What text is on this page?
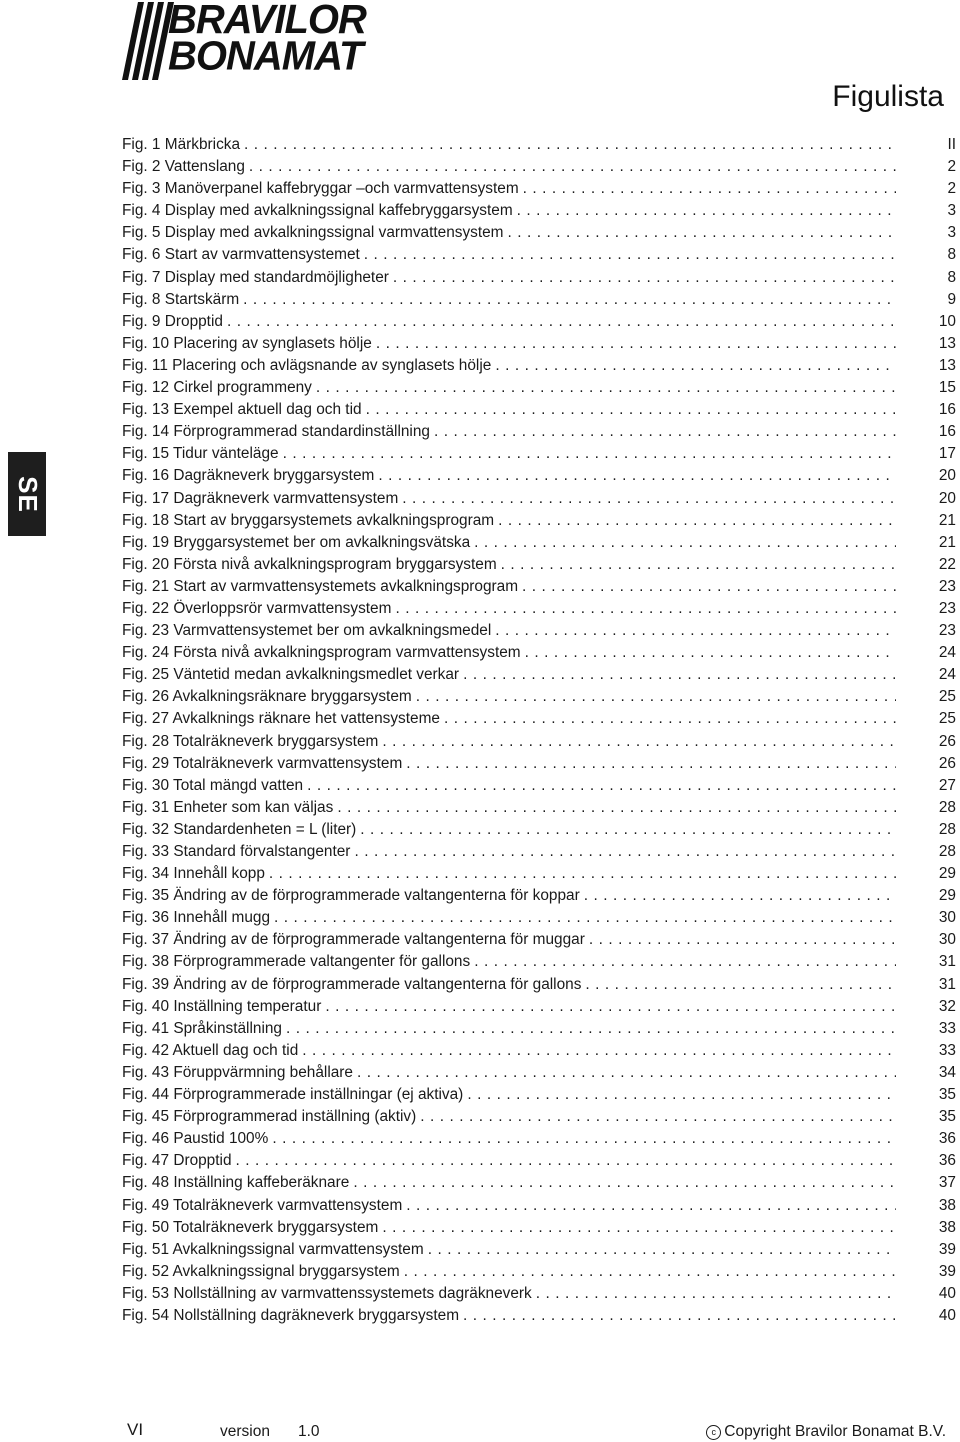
BRAVILOR
BONAMAT
Figulista
SE
Fig. 1 Märkbricka . . .	II
Fig. 2 Vattenslang . . .	2
Fig. 3 Manöverpanel kaffebryggar –och varmvattensystem . . .	2
Fig. 4 Display med avkalkningssignal kaffebryggarsystem . . .	3
Fig. 5 Display med avkalkningssignal varmvattensystem . . .	3
Fig. 6 Start av varmvattensystemet . . .	8
Fig. 7 Display med standardmöjligheter . . .	8
Fig. 8 Startskärm . . .	9
Fig. 9 Dropptid . . .	10
Fig. 10 Placering av synglasets hölje . . .	13
Fig. 11 Placering och avlägsnande av synglasets hölje . . .	13
Fig. 12 Cirkel programmeny . . .	15
Fig. 13 Exempel aktuell dag och tid . . .	16
Fig. 14 Förprogrammerad standardinställning . . .	16
Fig. 15 Tidur vänteläge . . .	17
Fig. 16 Dagräkneverk bryggarsystem . . .	20
Fig. 17 Dagräkneverk varmvattensystem . . .	20
Fig. 18 Start av bryggarsystemets avkalkningsprogram . . .	21
Fig. 19 Bryggarsystemet ber om avkalkningsvätska . . .	21
Fig. 20 Första nivå avkalkningsprogram bryggarsystem . . .	22
Fig. 21 Start av varmvattensystemets avkalkningsprogram . . .	23
Fig. 22 Överloppsrör varmvattensystem . . .	23
Fig. 23 Varmvattensystemet ber om avkalkningsmedel . . .	23
Fig. 24 Första nivå avkalkningsprogram varmvattensystem . . .	24
Fig. 25 Väntetid medan avkalkningsmedlet verkar . . .	24
Fig. 26 Avkalkningsräknare bryggarsystem . . .	25
Fig. 27 Avkalknings räknare het vattensysteme . . .	25
Fig. 28 Totalräkneverk bryggarsystem . . .	26
Fig. 29 Totalräkneverk varmvattensystem . . .	26
Fig. 30 Total mängd vatten . . .	27
Fig. 31 Enheter som kan väljas . . .	28
Fig. 32 Standardenheten = L (liter) . . .	28
Fig. 33 Standard förvalstangenter . . .	28
Fig. 34 Innehåll kopp . . .	29
Fig. 35 Ändring av de förprogrammerade valtangenterna för koppar . . .	29
Fig. 36 Innehåll mugg . . .	30
Fig. 37 Ändring av de förprogrammerade valtangenterna för muggar . . .	30
Fig. 38 Förprogrammerade valtangenter för gallons . . .	31
Fig. 39 Ändring av de förprogrammerade valtangenterna för gallons . . .	31
Fig. 40 Inställning temperatur . . .	32
Fig. 41 Språkinställning . . .	33
Fig. 42 Aktuell dag och tid . . .	33
Fig. 43 Föruppvärmning behållare . . .	34
Fig. 44 Förprogrammerade inställningar (ej aktiva) . . .	35
Fig. 45 Förprogrammerad inställning (aktiv) . . .	35
Fig. 46 Paustid 100% . . .	36
Fig. 47 Dropptid . . .	36
Fig. 48 Inställning kaffeberäknare . . .	37
Fig. 49 Totalräkneverk varmvattensystem . . .	38
Fig. 50 Totalräkneverk bryggarsystem . . .	38
Fig. 51 Avkalkningssignal varmvattensystem . . .	39
Fig. 52 Avkalkningssignal bryggarsystem . . .	39
Fig. 53 Nollställning av varmvattenssystemets dagräkneverk . . .	40
Fig. 54 Nollställning dagräkneverk bryggarsystem . . .	40
VI	version 1.0	c Copyright Bravilor Bonamat B.V.
